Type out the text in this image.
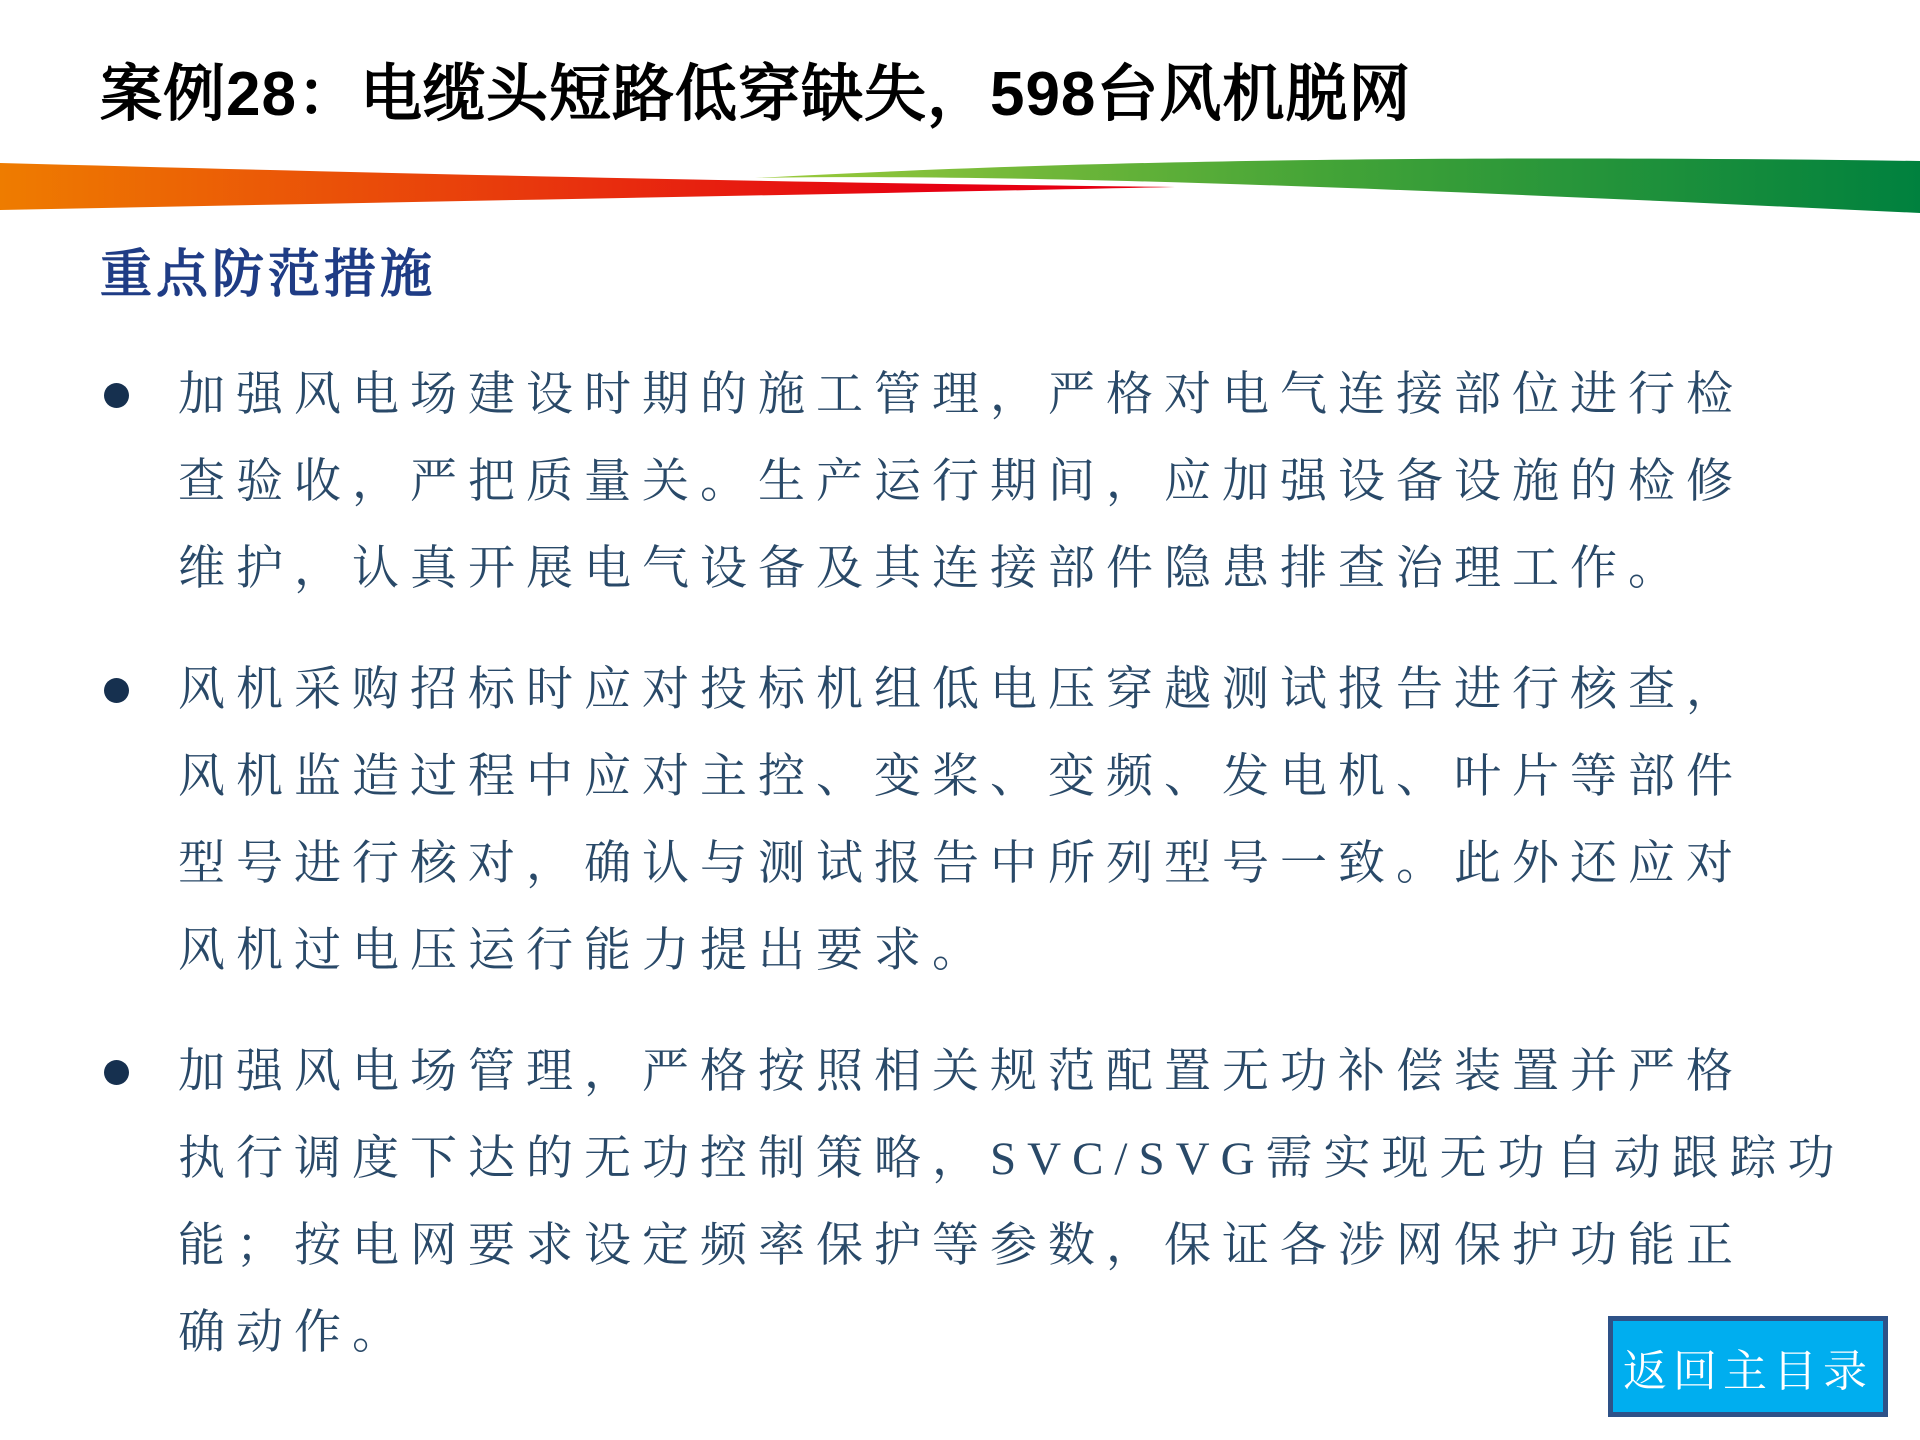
案例28：电缆头短路低穿缺失，598台风机脱网
重点防范措施
加强风电场建设时期的施工管理，严格对电气连接部位进行检
查验收，严把质量关。生产运行期间，应加强设备设施的检修
维护，认真开展电气设备及其连接部件隐患排查治理工作。
风机采购招标时应对投标机组低电压穿越测试报告进行核查，
风机监造过程中应对主控、变桨、变频、发电机、叶片等部件
型号进行核对，确认与测试报告中所列型号一致。此外还应对
风机过电压运行能力提出要求。
加强风电场管理，严格按照相关规范配置无功补偿装置并严格
执行调度下达的无功控制策略，SVC/SVG需实现无功自动跟踪功
能；按电网要求设定频率保护等参数，保证各涉网保护功能正
确动作。
返回主目录
